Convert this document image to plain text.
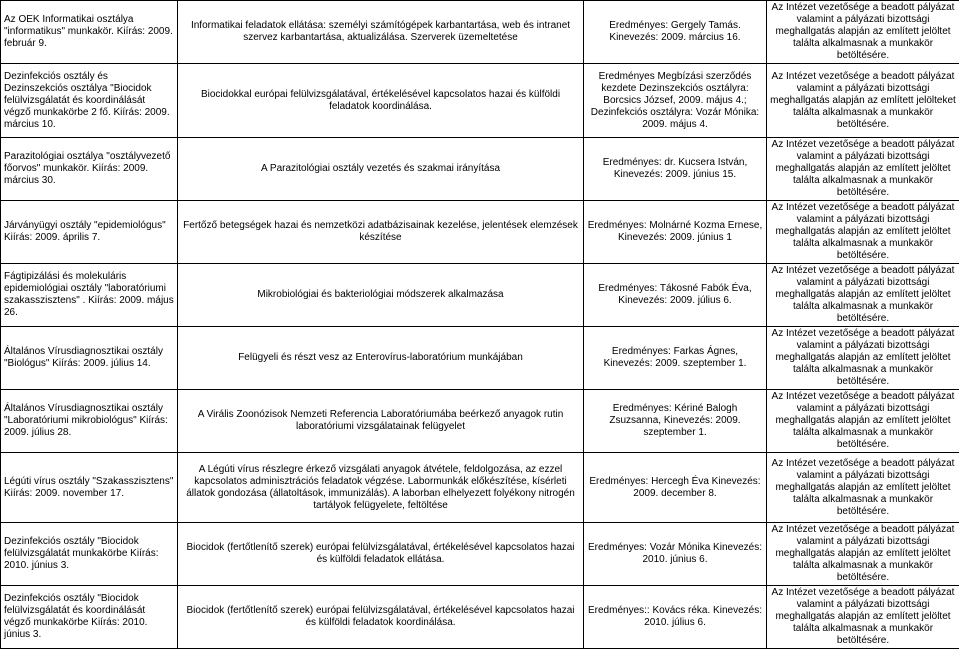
Az OEK Informatikai osztálya "informatikus" munkakör. Kiírás: 2009. február 9.	Informatikai feladatok ellátása: személyi számítógépek karbantartása, web és intranet szervez karbantartása, aktualizálása. Szerverek üzemeltetése	Eredményes: Gergely Tamás. Kinevezés: 2009. március 16.	Az Intézet vezetősége a beadott pályázat valamint a pályázati bizottsági meghallgatás alapján az említett jelöltet találta alkalmasnak a munkakör betöltésére.

Dezinfekciós osztály és Dezinszekciós osztálya "Biocidok felülvizsgálatát és koordinálását végző munkakörbe 2 fő. Kiírás: 2009. március 10.	Biocidokkal európai felülvizsgálatával, értékelésével kapcsolatos hazai és külföldi feladatok koordinálása.	Eredményes Megbízási szerződés kezdete Dezinszekciós osztályra: Borcsics József, 2009. május 4.; Dezinfekciós osztályra: Vozár Mónika: 2009. május 4.	Az Intézet vezetősége a beadott pályázat valamint a pályázati bizottsági meghallgatás alapján az említett jelölteket találta alkalmasnak a munkakör betöltésére.

Parazitológiai osztálya "osztályvezető főorvos" munkakör. Kiírás: 2009. március 30.	A Parazitológiai osztály vezetés és szakmai irányítása	Eredményes: dr. Kucsera István, Kinevezés: 2009. június 15.	Az Intézet vezetősége a beadott pályázat valamint a pályázati bizottsági meghallgatás alapján az említett jelöltet találta alkalmasnak a munkakör betöltésére.

Járványügyi osztály "epidemiológus" Kiírás: 2009. április 7.	Fertőző betegségek hazai és nemzetközi adatbázisainak kezelése, jelentések elemzések készítése	Eredményes: Molnárné Kozma Ernese, Kinevezés: 2009. június 1	Az Intézet vezetősége a beadott pályázat valamint a pályázati bizottsági meghallgatás alapján az említett jelöltet találta alkalmasnak a munkakör betöltésére.

Fágtipizálási és molekuláris epidemiológiai osztály "laboratóriumi szakasszisztens" . Kiírás: 2009. május 26.	Mikrobiológiai és bakteriológiai módszerek alkalmazása	Eredményes: Tákosné Fabók Éva, Kinevezés: 2009. július 6.	Az Intézet vezetősége a beadott pályázat valamint a pályázati bizottsági meghallgatás alapján az említett jelöltet találta alkalmasnak a munkakör betöltésére.

Általános Vírusdiagnosztikai osztály "Biológus" Kiírás: 2009. július 14.	Felügyeli és részt vesz az Enterovírus-laboratórium munkájában	Eredményes: Farkas Ágnes, Kinevezés: 2009. szeptember 1.	Az Intézet vezetősége a beadott pályázat valamint a pályázati bizottsági meghallgatás alapján az említett jelöltet találta alkalmasnak a munkakör betöltésére.

Általános Vírusdiagnosztikai osztály "Laboratóriumi mikrobiológus" Kiírás: 2009. július 28.	A Virális Zoonózisok Nemzeti Referencia Laboratóriumába beérkező anyagok rutin laboratóriumi vizsgálatainak felügyelet	Eredményes: Kériné Balogh Zsuzsanna, Kinevezés: 2009. szeptember 1.	Az Intézet vezetősége a beadott pályázat valamint a pályázati bizottsági meghallgatás alapján az említett jelöltet találta alkalmasnak a munkakör betöltésére.

Légúti vírus osztály "Szakasszisztens" Kiírás: 2009. november 17.	A Légúti vírus részlegre érkező vizsgálati anyagok átvétele, feldolgozása, az ezzel kapcsolatos adminisztrációs feladatok végzése. Labormunkák előkészítése, kísérleti állatok gondozása (állatoltások, immunizálás). A laborban elhelyezett folyékony nitrogén tartályok felügyelete, feltöltése	Eredményes: Hercegh Éva Kinevezés: 2009. december 8.	Az Intézet vezetősége a beadott pályázat valamint a pályázati bizottsági meghallgatás alapján az említett jelöltet találta alkalmasnak a munkakör betöltésére.

Dezinfekciós osztály "Biocidok felülvizsgálatát munkakörbe Kiírás: 2010. június 3.	Biocidok (fertőtlenítő szerek) európai felülvizsgálatával, értékelésével kapcsolatos hazai és külföldi feladatok ellátása.	Eredményes: Vozár Mónika Kinevezés: 2010. június 6.	Az Intézet vezetősége a beadott pályázat valamint a pályázati bizottsági meghallgatás alapján az említett jelöltet találta alkalmasnak a munkakör betöltésére.

Dezinfekciós osztály "Biocidok felülvizsgálatát és koordinálását végző munkakörbe Kiírás: 2010. június 3.	Biocidok (fertőtlenítő szerek) európai felülvizsgálatával, értékelésével kapcsolatos hazai és külföldi feladatok koordinálása.	Eredményes:: Kovács réka. Kinevezés: 2010. július 6.	Az Intézet vezetősége a beadott pályázat valamint a pályázati bizottsági meghallgatás alapján az említett jelöltet találta alkalmasnak a munkakör betöltésére.
